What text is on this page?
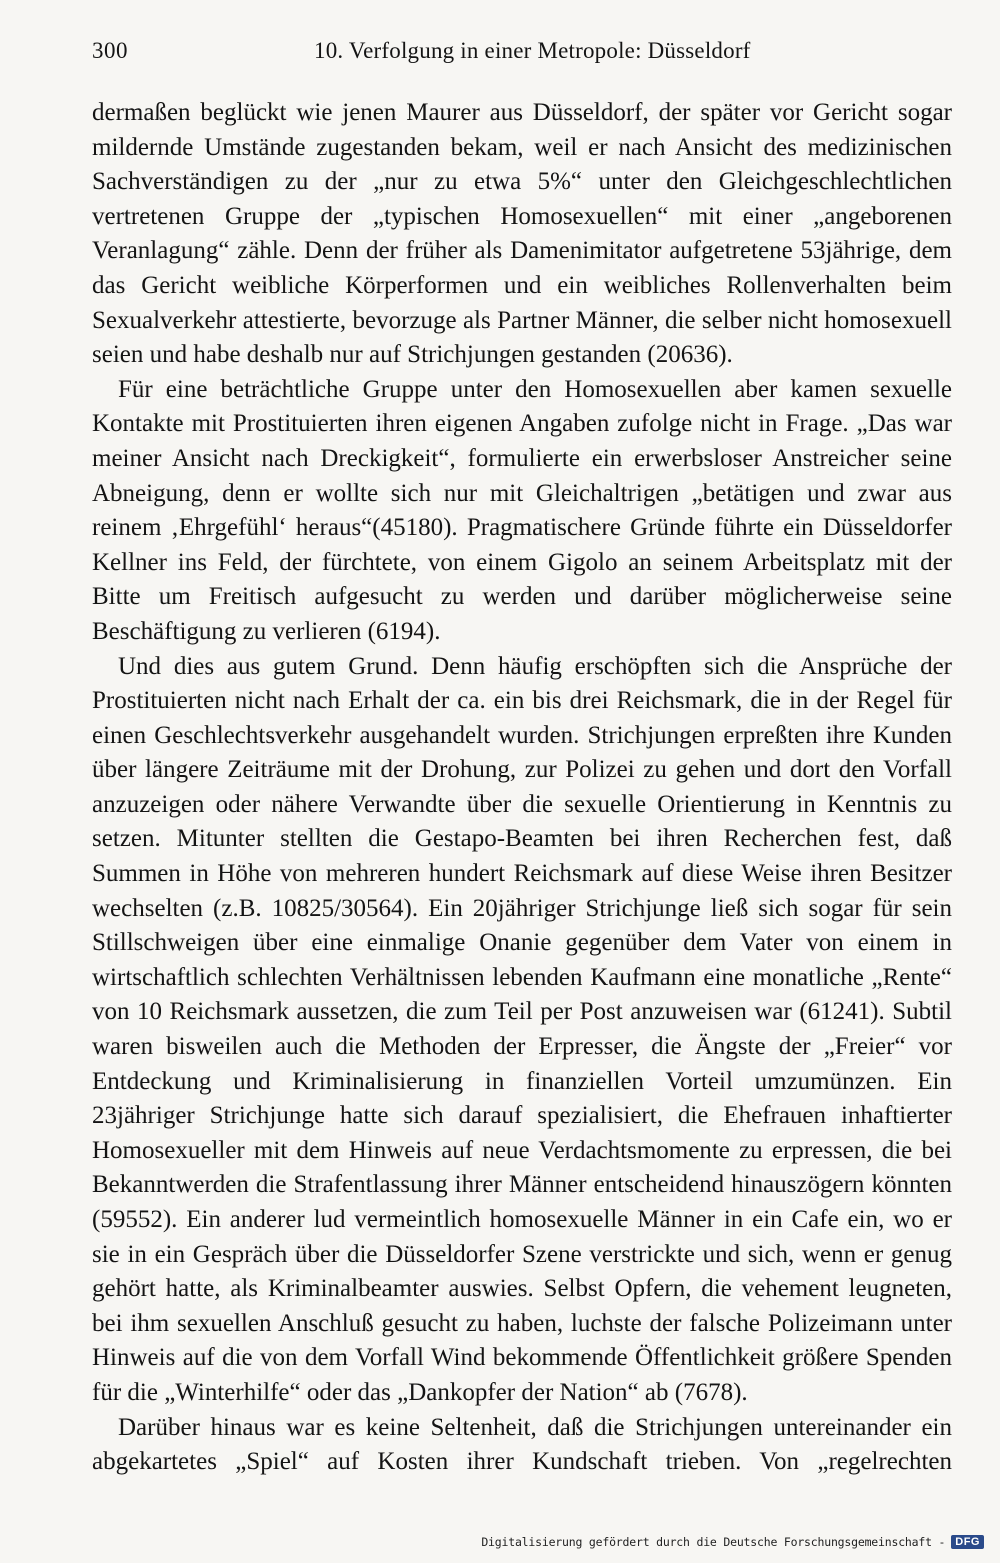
300	10. Verfolgung in einer Metropole: Düsseldorf

dermaßen beglückt wie jenen Maurer aus Düsseldorf, der später vor Gericht sogar mildernde Umstände zugestanden bekam, weil er nach Ansicht des medizinischen Sachverständigen zu der „nur zu etwa 5%“ unter den Gleichgeschlechtlichen vertretenen Gruppe der „typischen Homosexuellen“ mit einer „angeborenen Veranlagung“ zähle. Denn der früher als Damenimitator aufgetretene 53jährige, dem das Gericht weibliche Körperformen und ein weibliches Rollenverhalten beim Sexualverkehr attestierte, bevorzuge als Partner Männer, die selber nicht homosexuell seien und habe deshalb nur auf Strichjungen gestanden (20636).

Für eine beträchtliche Gruppe unter den Homosexuellen aber kamen sexuelle Kontakte mit Prostituierten ihren eigenen Angaben zufolge nicht in Frage. „Das war meiner Ansicht nach Dreckigkeit“, formulierte ein erwerbsloser Anstreicher seine Abneigung, denn er wollte sich nur mit Gleichaltrigen „betätigen und zwar aus reinem ‚Ehrgefühl‘ heraus“(45180). Pragmatischere Gründe führte ein Düsseldorfer Kellner ins Feld, der fürchtete, von einem Gigolo an seinem Arbeitsplatz mit der Bitte um Freitisch aufgesucht zu werden und darüber möglicherweise seine Beschäftigung zu verlieren (6194).

Und dies aus gutem Grund. Denn häufig erschöpften sich die Ansprüche der Prostituierten nicht nach Erhalt der ca. ein bis drei Reichsmark, die in der Regel für einen Geschlechtsverkehr ausgehandelt wurden. Strichjungen erpreßten ihre Kunden über längere Zeiträume mit der Drohung, zur Polizei zu gehen und dort den Vorfall anzuzeigen oder nähere Verwandte über die sexuelle Orientierung in Kenntnis zu setzen. Mitunter stellten die Gestapo-Beamten bei ihren Recherchen fest, daß Summen in Höhe von mehreren hundert Reichsmark auf diese Weise ihren Besitzer wechselten (z.B. 10825/30564). Ein 20jähriger Strichjunge ließ sich sogar für sein Stillschweigen über eine einmalige Onanie gegenüber dem Vater von einem in wirtschaftlich schlechten Verhältnissen lebenden Kaufmann eine monatliche „Rente“ von 10 Reichsmark aussetzen, die zum Teil per Post anzuweisen war (61241). Subtil waren bisweilen auch die Methoden der Erpresser, die Ängste der „Freier“ vor Entdeckung und Kriminalisierung in finanziellen Vorteil umzumünzen. Ein 23jähriger Strichjunge hatte sich darauf spezialisiert, die Ehefrauen inhaftierter Homosexueller mit dem Hinweis auf neue Verdachtsmomente zu erpressen, die bei Bekanntwerden die Strafentlassung ihrer Männer entscheidend hinauszögern könnten (59552). Ein anderer lud vermeintlich homosexuelle Männer in ein Cafe ein, wo er sie in ein Gespräch über die Düsseldorfer Szene verstrickte und sich, wenn er genug gehört hatte, als Kriminalbeamter auswies. Selbst Opfern, die vehement leugneten, bei ihm sexuellen Anschluß gesucht zu haben, luchste der falsche Polizeimann unter Hinweis auf die von dem Vorfall Wind bekommende Öffentlichkeit größere Spenden für die „Winterhilfe“ oder das „Dankopfer der Nation“ ab (7678).

Darüber hinaus war es keine Seltenheit, daß die Strichjungen untereinander ein abgekartetes „Spiel“ auf Kosten ihrer Kundschaft trieben. Von „regelrechten

Digitalisierung gefördert durch die Deutsche Forschungsgemeinschaft - DFG
